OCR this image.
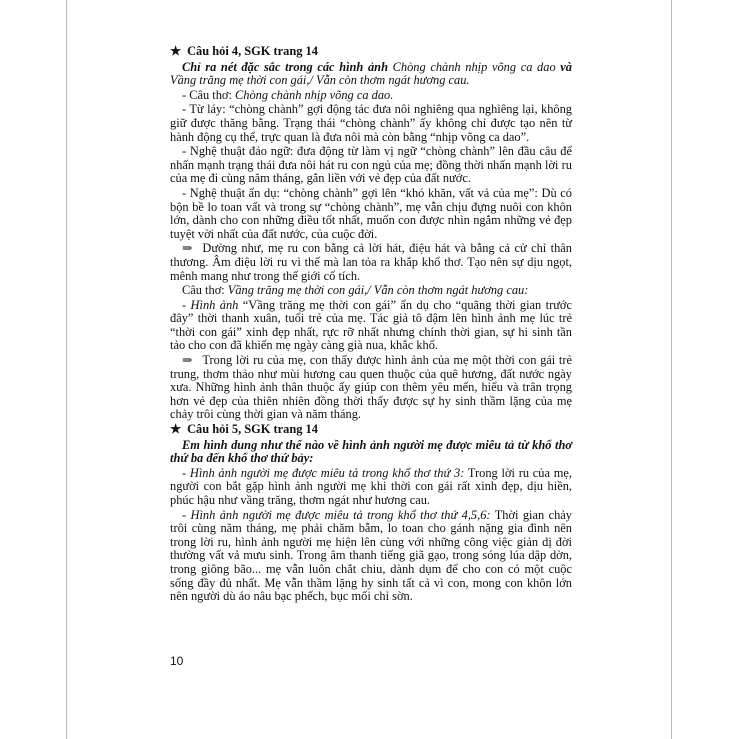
★ Câu hỏi 4, SGK trang 14

Chỉ ra nét đặc sắc trong các hình ảnh Chòng chành nhịp võng ca dao và Vầng trăng mẹ thời con gái,/ Vẫn còn thơm ngát hương cau.

- Câu thơ: Chòng chành nhịp võng ca dao.

- Từ láy: “chòng chành” gợi động tác đưa nôi nghiêng qua nghiêng lại, không giữ được thăng bằng. Trạng thái “chòng chành” ấy không chỉ được tạo nên từ hành động cụ thể, trực quan là đưa nôi mà còn bằng “nhịp võng ca dao”.

- Nghệ thuật đảo ngữ: đưa động từ làm vị ngữ “chòng chành” lên đầu câu để nhấn mạnh trạng thái đưa nôi hát ru con ngủ của mẹ; đồng thời nhấn mạnh lời ru của mẹ đi cùng năm tháng, gắn liền với vẻ đẹp của đất nước.

- Nghệ thuật ẩn dụ: “chòng chành” gợi lên “khó khăn, vất vả của mẹ”: Dù có bộn bề lo toan vất và trong sự “chòng chành”, mẹ vẫn chịu đựng nuôi con khôn lớn, dành cho con những điều tốt nhất, muốn con được nhìn ngắm những vẻ đẹp tuyệt vời nhất của đất nước, của cuộc đời.

⇒ Dường như, mẹ ru con bằng cả lời hát, điệu hát và bằng cả cử chỉ thân thương. Âm điệu lời ru vì thế mà lan tỏa ra khắp khổ thơ. Tạo nên sự dịu ngọt, mênh mang như trong thế giới cổ tích.

Câu thơ: Vầng trăng mẹ thời con gái,/ Vẫn còn thơm ngát hương cau:

- Hình ảnh “Vầng trăng mẹ thời con gái” ẩn dụ cho “quãng thời gian trước đây” thời thanh xuân, tuổi trẻ của mẹ. Tác giả tô đậm lên hình ảnh mẹ lúc trẻ “thời con gái” xinh đẹp nhất, rực rỡ nhất nhưng chính thời gian, sự hi sinh tần tảo cho con đã khiến mẹ ngày càng già nua, khắc khổ.

⇒ Trong lời ru của mẹ, con thấy được hình ảnh của mẹ một thời con gái trẻ trung, thơm thảo như mùi hương cau quen thuộc của quê hương, đất nước ngày xưa. Những hình ảnh thân thuộc ấy giúp con thêm yêu mến, hiểu và trân trọng hơn vẻ đẹp của thiên nhiên đồng thời thấy được sự hy sinh thầm lặng của mẹ chảy trôi cùng thời gian và năm tháng.

★ Câu hỏi 5, SGK trang 14

Em hình dung như thế nào về hình ảnh người mẹ được miêu tả từ khổ thơ thứ ba đến khổ thơ thứ bảy:

- Hình ảnh người mẹ được miêu tả trong khổ thơ thứ 3: Trong lời ru của mẹ, người con bắt gặp hình ảnh người mẹ khi thời con gái rất xinh đẹp, dịu hiền, phúc hậu như vầng trăng, thơm ngát như hương cau.

- Hình ảnh người mẹ được miêu tả trong khổ thơ thứ 4,5,6: Thời gian chảy trôi cùng năm tháng, mẹ phải chăm bẵm, lo toan cho gánh nặng gia đình nên trong lời ru, hình ảnh người mẹ hiện lên cùng với những công việc giản dị đời thường vất vả mưu sinh. Trong âm thanh tiếng giã gạo, trong sóng lúa dập dờn, trong giông bão... mẹ vẫn luôn chắt chiu, dành dụm để cho con có một cuộc sống đầy đủ nhất. Mẹ vẫn thầm lặng hy sinh tất cả vì con, mong con khôn lớn nên người dù áo nâu bạc phếch, bục mối chỉ sờn.

10
